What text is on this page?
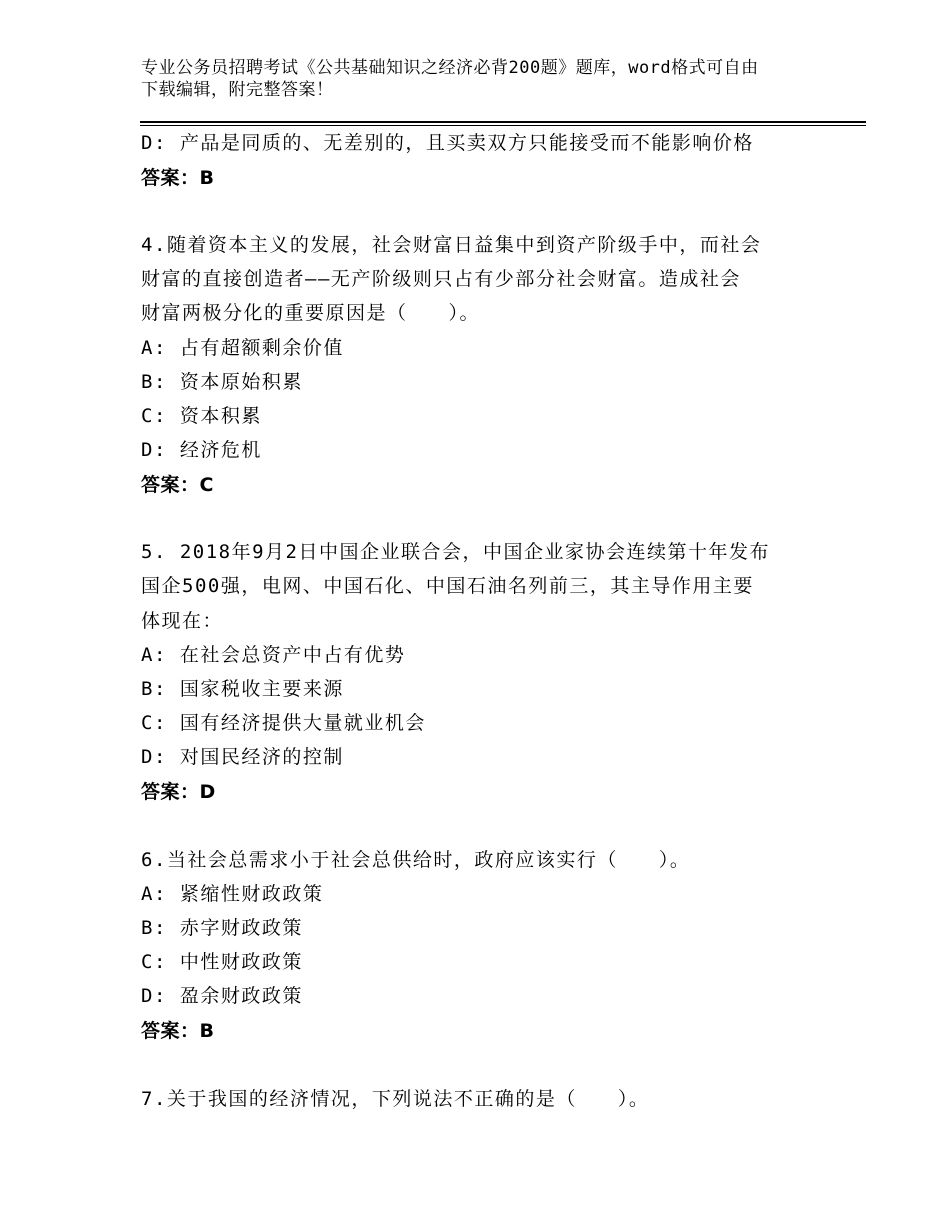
专业公务员招聘考试《公共基础知识之经济必背200题》题库，word格式可自由
下载编辑，附完整答案！
D: 产品是同质的、无差别的，且买卖双方只能接受而不能影响价格
答案：B
4.随着资本主义的发展，社会财富日益集中到资产阶级手中，而社会
财富的直接创造者——无产阶级则只占有少部分社会财富。造成社会
财富两极分化的重要原因是（　　）。
A: 占有超额剩余价值
B: 资本原始积累
C: 资本积累
D: 经济危机
答案：C
5. 2018年9月2日中国企业联合会，中国企业家协会连续第十年发布
国企500强，电网、中国石化、中国石油名列前三，其主导作用主要
体现在：
A: 在社会总资产中占有优势
B: 国家税收主要来源
C: 国有经济提供大量就业机会
D: 对国民经济的控制
答案：D
6.当社会总需求小于社会总供给时，政府应该实行（　　）。
A: 紧缩性财政政策
B: 赤字财政政策
C: 中性财政政策
D: 盈余财政政策
答案：B
7.关于我国的经济情况，下列说法不正确的是（　　）。
